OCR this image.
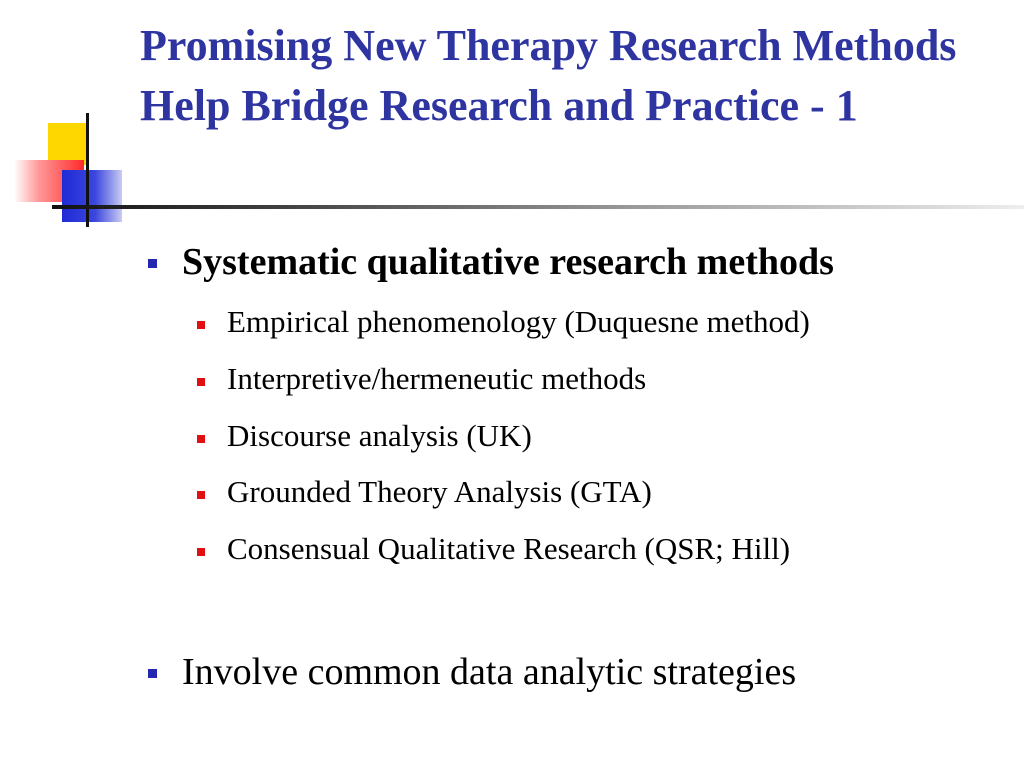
Promising New Therapy Research Methods Help Bridge Research and Practice - 1
Systematic qualitative research methods
Empirical phenomenology (Duquesne method)
Interpretive/hermeneutic methods
Discourse analysis (UK)
Grounded Theory Analysis (GTA)
Consensual Qualitative Research (QSR; Hill)
Involve common data analytic strategies
